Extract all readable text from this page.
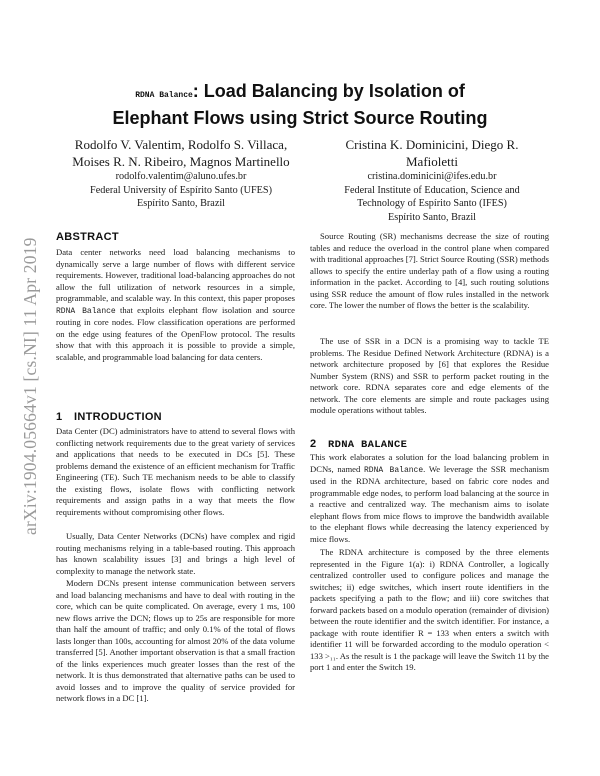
arXiv:1904.05664v1 [cs.NI] 11 Apr 2019
RDNA Balance: Load Balancing by Isolation of
Elephant Flows using Strict Source Routing
Rodolfo V. Valentim, Rodolfo S. Villaca, Moises R. N. Ribeiro, Magnos Martinello
rodolfo.valentim@aluno.ufes.br
Federal University of Espírito Santo (UFES)
Espírito Santo, Brazil
Cristina K. Dominicini, Diego R. Mafioletti
cristina.dominicini@ifes.edu.br
Federal Institute of Education, Science and Technology of Espírito Santo (IFES)
Espírito Santo, Brazil
ABSTRACT
Data center networks need load balancing mechanisms to dynamically serve a large number of flows with different service requirements. However, traditional load-balancing approaches do not allow the full utilization of network resources in a simple, programmable, and scalable way. In this context, this paper proposes RDNA Balance that exploits elephant flow isolation and source routing in core nodes. Flow classification operations are performed on the edge using features of the OpenFlow protocol. The results show that with this approach it is possible to provide a simple, scalable, and programmable load balancing for data centers.
1 INTRODUCTION
Data Center (DC) administrators have to attend to several flows with conflicting network requirements due to the great variety of services and applications that needs to be executed in DCs [5]. These problems demand the existence of an efficient mechanism for Traffic Engineering (TE). Such TE mechanism needs to be able to classify the existing flows, isolate flows with conflicting network requirements and assign paths in a way that meets the flow requirements without compromising other flows.
Usually, Data Center Networks (DCNs) have complex and rigid routing mechanisms relying in a table-based routing. This approach has known scalability issues [3] and brings a high level of complexity to manage the network state.
Modern DCNs present intense communication between servers and load balancing mechanisms and have to deal with routing in the core, which can be quite complicated. On average, every 1 ms, 100 new flows arrive the DCN; flows up to 25s are responsible for more than half the amount of traffic; and only 0.1% of the total of flows lasts longer than 100s, accounting for almost 20% of the data volume transferred [5]. Another important observation is that a small fraction of the links experiences much greater losses than the rest of the network. It is thus demonstrated that alternative paths can be used to avoid losses and to improve the quality of service provided for network flows in a DC [1].
Source Routing (SR) mechanisms decrease the size of routing tables and reduce the overload in the control plane when compared with traditional approaches [7]. Strict Source Routing (SSR) methods allows to specify the entire underlay path of a flow using a routing information in the packet. According to [4], such routing solutions using SSR reduce the amount of flow rules installed in the network core. The lower the number of flows the better is the scalability.
The use of SSR in a DCN is a promising way to tackle TE problems. The Residue Defined Network Architecture (RDNA) is a network architecture proposed by [6] that explores the Residue Number System (RNS) and SSR to perform packet routing in the network core. RDNA separates core and edge elements of the network. The core elements are simple and route packages using module operations without tables.
2 RDNA BALANCE
This work elaborates a solution for the load balancing problem in DCNs, named RDNA Balance. We leverage the SSR mechanism used in the RDNA architecture, based on fabric core nodes and programmable edge nodes, to perform load balancing at the source in a reactive and centralized way. The mechanism aims to isolate elephant flows from mice flows to improve the bandwidth available to the elephant flows while decreasing the latency experienced by mice flows.
The RDNA architecture is composed by the three elements represented in the Figure 1(a): i) RDNA Controller, a logically centralized controller used to configure polices and manage the switches; ii) edge switches, which insert route identifiers in the packets specifying a path to the flow; and iii) core switches that forward packets based on a modulo operation (remainder of division) between the route identifier and the switch identifier. For instance, a package with route identifier R = 133 when enters a switch with identifier 11 will be forwarded according to the modulo operation < 133 >₁₁. As the result is 1 the package will leave the Switch 11 by the port 1 and enter the Switch 19.
